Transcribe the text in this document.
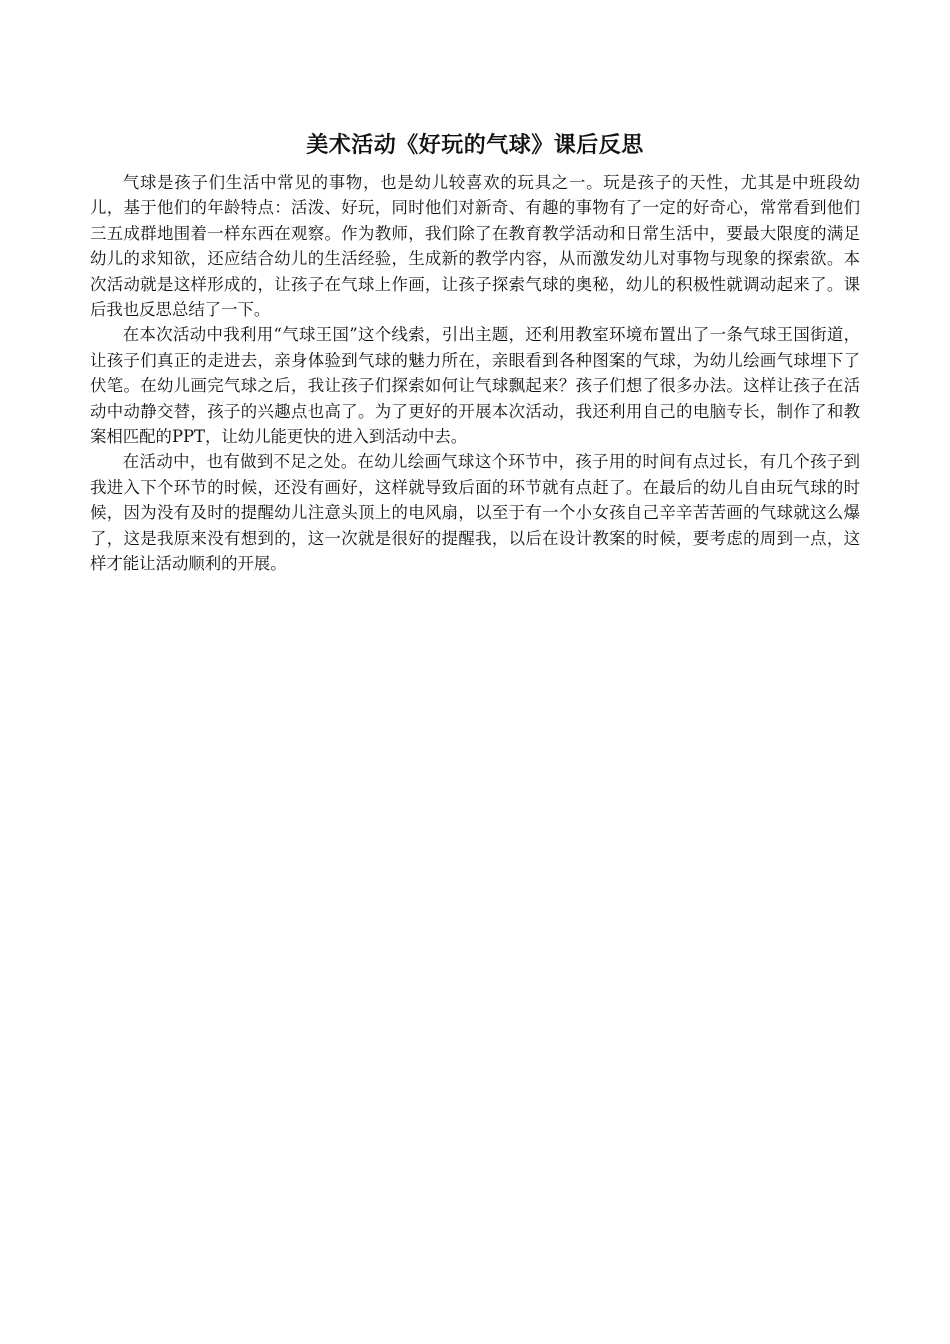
美术活动《好玩的气球》课后反思

气球是孩子们生活中常见的事物，也是幼儿较喜欢的玩具之一。玩是孩子的天性，尤其是中班段幼儿，基于他们的年龄特点：活泼、好玩，同时他们对新奇、有趣的事物有了一定的好奇心，常常看到他们三五成群地围着一样东西在观察。作为教师，我们除了在教育教学活动和日常生活中，要最大限度的满足幼儿的求知欲，还应结合幼儿的生活经验，生成新的教学内容，从而激发幼儿对事物与现象的探索欲。本次活动就是这样形成的，让孩子在气球上作画，让孩子探索气球的奥秘，幼儿的积极性就调动起来了。课后我也反思总结了一下。

在本次活动中我利用“气球王国”这个线索，引出主题，还利用教室环境布置出了一条气球王国街道，让孩子们真正的走进去，亲身体验到气球的魅力所在，亲眼看到各种图案的气球，为幼儿绘画气球埋下了伏笔。在幼儿画完气球之后，我让孩子们探索如何让气球飘起来？孩子们想了很多办法。这样让孩子在活动中动静交替，孩子的兴趣点也高了。为了更好的开展本次活动，我还利用自己的电脑专长，制作了和教案相匹配的PPT，让幼儿能更快的进入到活动中去。

在活动中，也有做到不足之处。在幼儿绘画气球这个环节中，孩子用的时间有点过长，有几个孩子到我进入下个环节的时候，还没有画好，这样就导致后面的环节就有点赶了。在最后的幼儿自由玩气球的时候，因为没有及时的提醒幼儿注意头顶上的电风扇，以至于有一个小女孩自己辛辛苦苦画的气球就这么爆了，这是我原来没有想到的，这一次就是很好的提醒我，以后在设计教案的时候，要考虑的周到一点，这样才能让活动顺利的开展。
